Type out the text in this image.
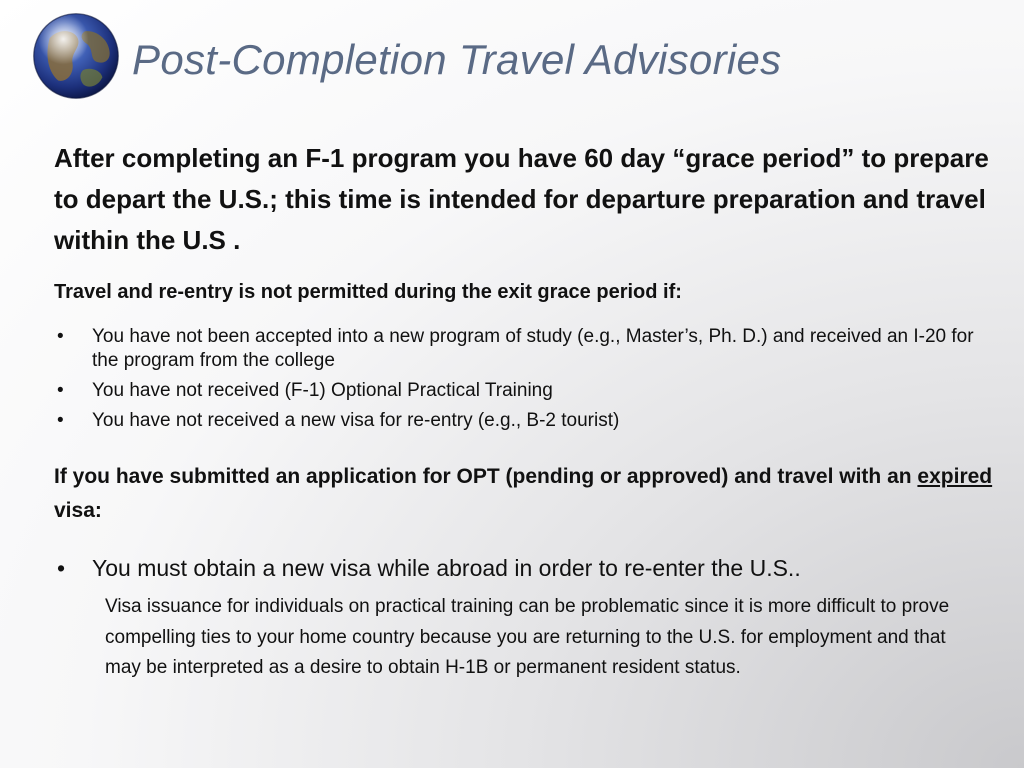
Post-Completion Travel Advisories
After completing an F-1 program you have 60 day “grace period” to prepare to depart the U.S.; this time is intended for departure preparation and travel within the U.S .
Travel and re-entry is not permitted during the exit grace period if:
• You have not been accepted into a new program of study (e.g., Master’s, Ph. D.) and received an I-20 for the program from the college
• You have not received (F-1) Optional Practical Training
• You have not received a new visa for re-entry (e.g., B-2 tourist)
If you have submitted an application for OPT (pending or approved) and travel with an expired visa:
• You must obtain a new visa while abroad in order to re-enter the U.S..
Visa issuance for individuals on practical training can be problematic since it is more difficult to prove compelling ties to your home country because you are returning to the U.S. for employment and that may be interpreted as a desire to obtain H-1B or permanent resident status.
